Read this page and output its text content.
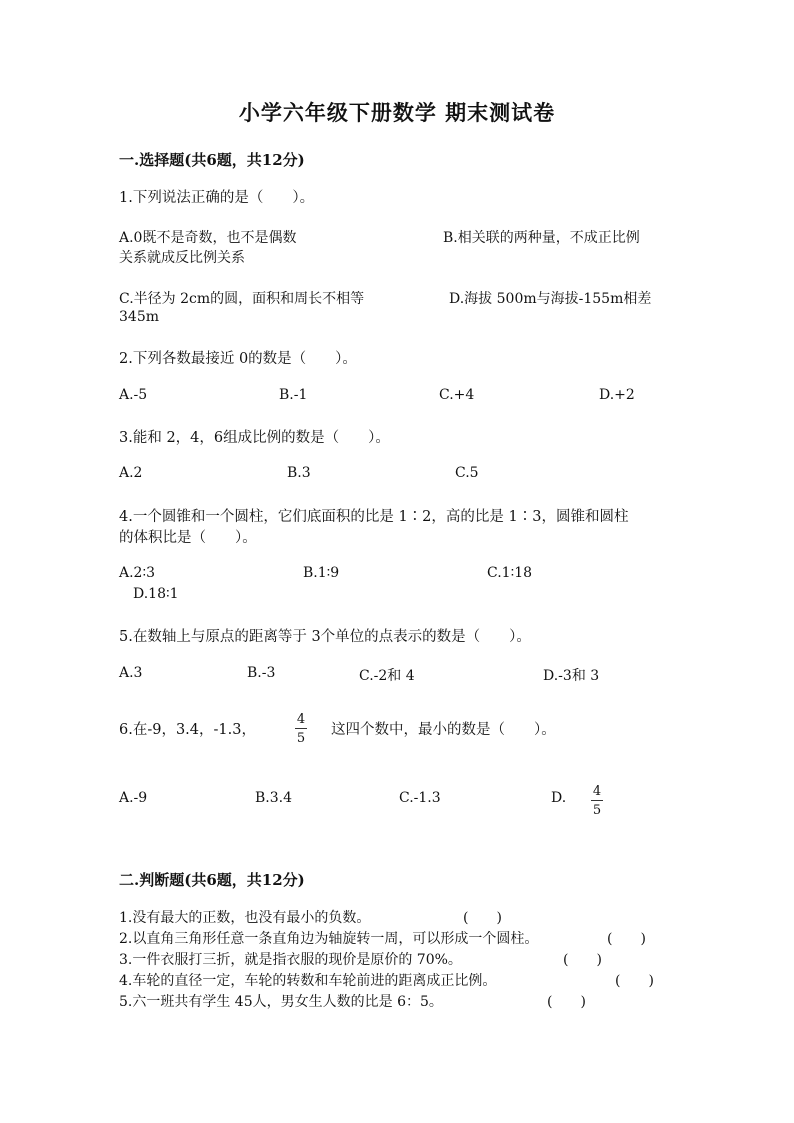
小学六年级下册数学 期末测试卷
一.选择题(共6题，共12分)
1.下列说法正确的是（　　）。
A.0既不是奇数，也不是偶数	B.相关联的两种量，不成正比例
关系就成反比例关系
C.半径为 2cm的圆，面积和周长不相等	D.海拔 500m与海拔-155m相差
345m
2.下列各数最接近 0的数是（　　）。
A.-5	B.-1	C.+4	D.+2
3.能和 2，4，6组成比例的数是（　　）。
A.2	B.3	C.5
4.一个圆锥和一个圆柱，它们底面积的比是 1∶2，高的比是 1∶3，圆锥和圆柱
的体积比是（　　）。
A.2∶3	B.1∶9	C.1∶18
D.18∶1
5.在数轴上与原点的距离等于 3个单位的点表示的数是（　　）。
A.3	B.-3	C.-2和 4	D.-3和 3
6.在-9，3.4，-1.3，
4
5
这四个数中，最小的数是（　　）。
A.-9	B.3.4	C.-1.3	D. 4
5
二.判断题(共6题，共12分)
1.没有最大的正数，也没有最小的负数。	(　　)
2.以直角三角形任意一条直角边为轴旋转一周，可以形成一个圆柱。	(　　)
3.一件衣服打三折，就是指衣服的现价是原价的 70%。	(　　)
4.车轮的直径一定，车轮的转数和车轮前进的距离成正比例。	(　　)
5.六一班共有学生 45人，男女生人数的比是 6：5。	(　　)
